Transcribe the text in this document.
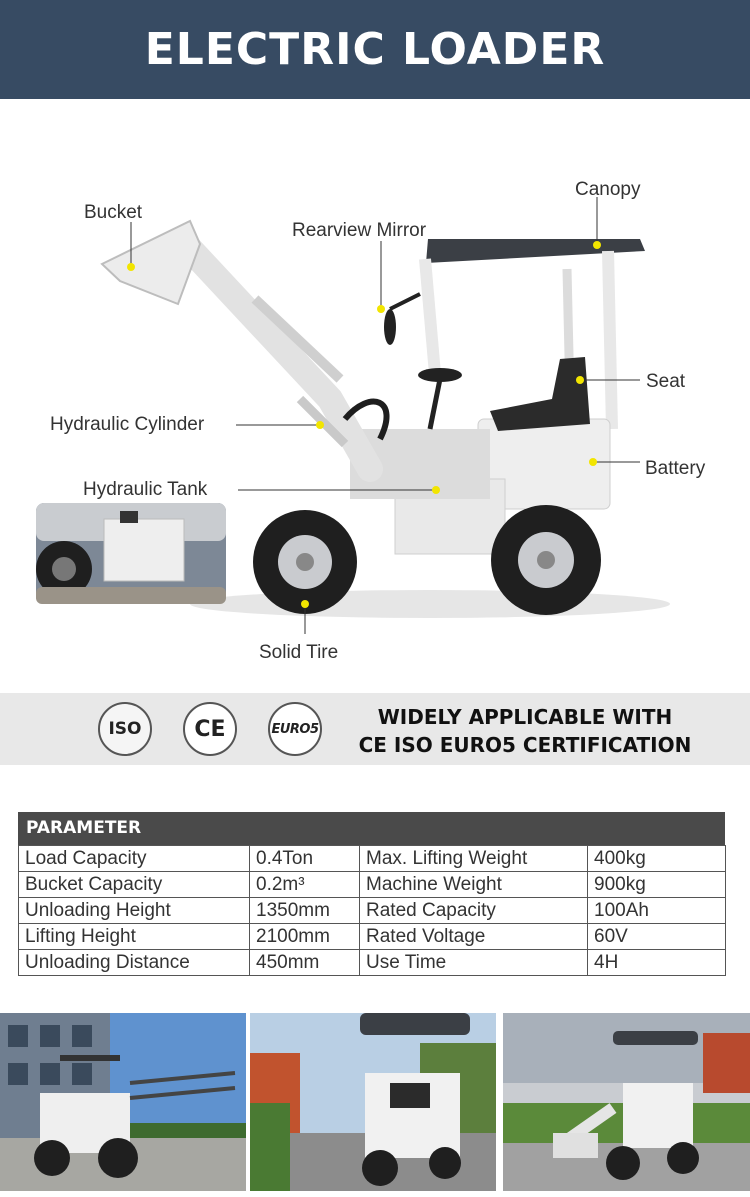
ELECTRIC LOADER
Bucket
Rearview Mirror
Canopy
Seat
Hydraulic Cylinder
Battery
Hydraulic Tank
Solid Tire
ISO	CE	EURO5	WIDELY APPLICABLE WITH
CE ISO EURO5 CERTIFICATION
PARAMETER
Load Capacity	0.4Ton	Max. Lifting Weight	400kg
Bucket Capacity	0.2m³	Machine Weight	900kg
Unloading Height	1350mm	Rated Capacity	100Ah
Lifting Height	2100mm	Rated Voltage	60V
Unloading Distance	450mm	Use Time	4H
